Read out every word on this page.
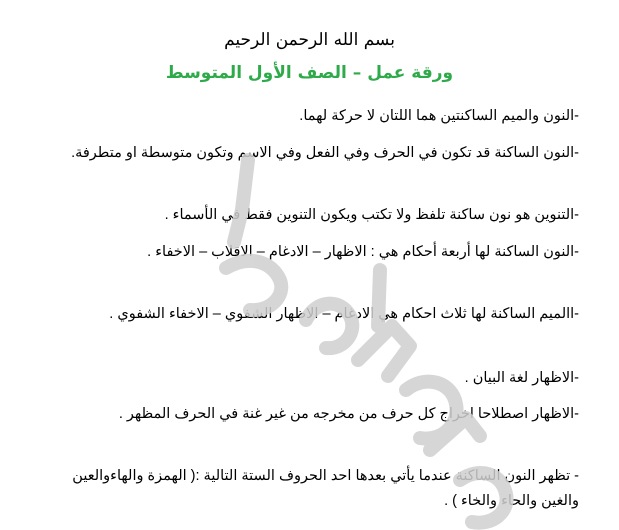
بسم الله الرحمن الرحيم
ورقة عمل – الصف الأول المتوسط
-النون والميم الساكنتين هما اللتان لا حركة لهما.
-النون الساكنة قد تكون في الحرف وفي الفعل وفي الاسم وتكون متوسطة او متطرفة.
-التنوين هو نون ساكنة تلفظ ولا تكتب ويكون التنوين فقط في الأسماء .
-النون الساكنة لها أربعة أحكام هي : الاظهار – الادغام – الاقلاب – الاخفاء .
-االميم الساكنة لها ثلاث احكام هي الادغام – الاظهار الشفوي – الاخفاء الشفوي .
-الاظهار لغة البيان .
-الاظهار اصطلاحا اخراج كل حرف من مخرجه من غير غنة في الحرف المظهر .
- تظهر النون الساكنة عندما يأتي بعدها احد الحروف الستة التالية :( الهمزة والهاءوالعين والغين والحاء والخاء ) .
